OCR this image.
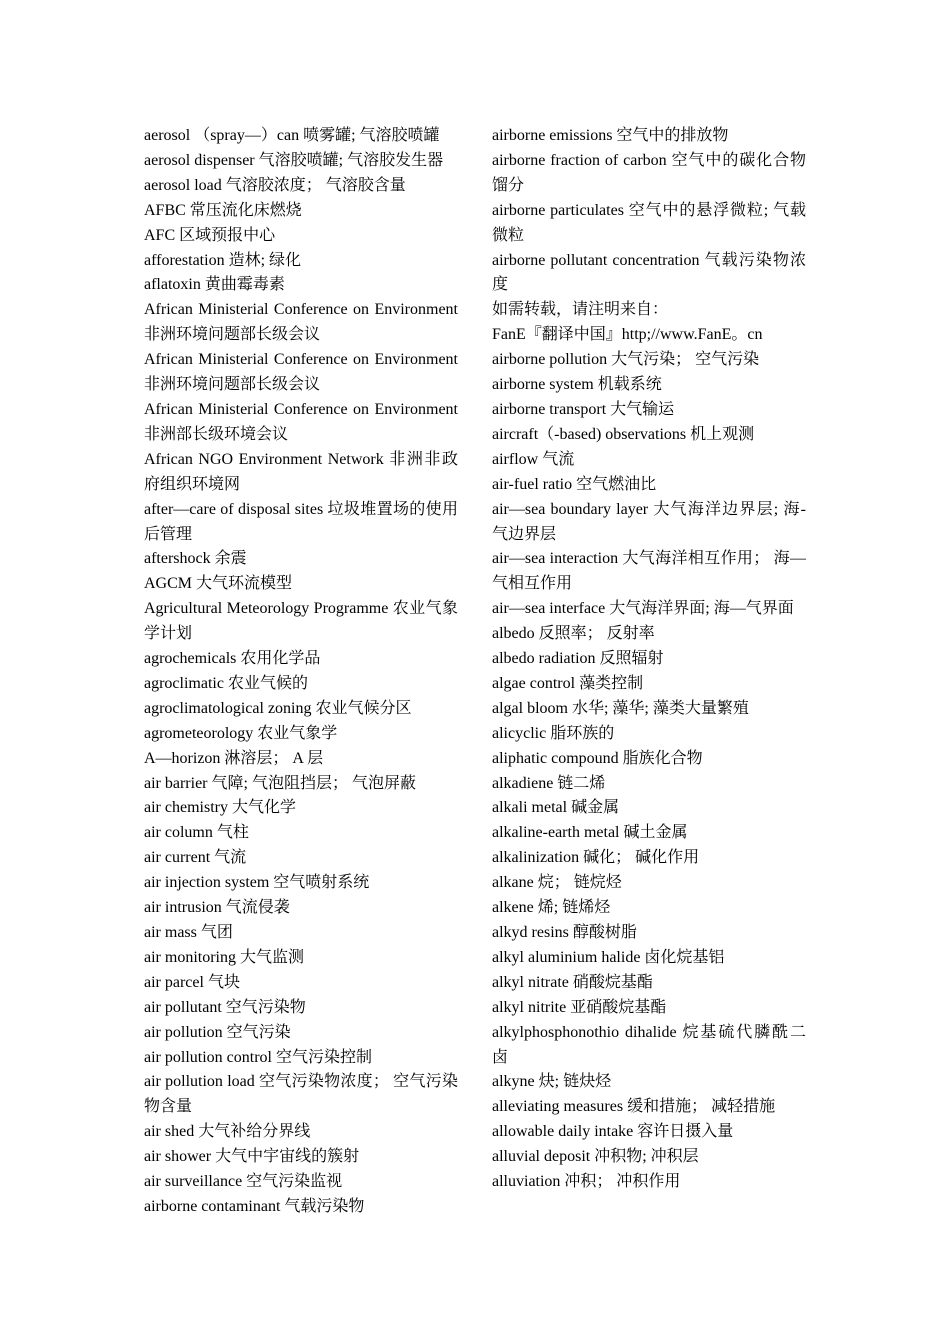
aerosol （spray—）can 喷雾罐; 气溶胶喷罐
aerosol dispenser 气溶胶喷罐; 气溶胶发生器
aerosol load 气溶胶浓度； 气溶胶含量
AFBC 常压流化床燃烧
AFC 区域预报中心
afforestation 造林; 绿化
aflatoxin 黄曲霉毒素
African Ministerial Conference on Environment 非洲环境问题部长级会议
African Ministerial Conference on Environment 非洲环境问题部长级会议
African Ministerial Conference on Environment 非洲部长级环境会议
African NGO Environment Network 非洲非政府组织环境网
after—care of disposal sites 垃圾堆置场的使用后管理
aftershock 余震
AGCM 大气环流模型
Agricultural Meteorology Programme 农业气象学计划
agrochemicals 农用化学品
agroclimatic 农业气候的
agroclimatological zoning 农业气候分区
agrometeorology 农业气象学
A—horizon 淋溶层； A 层
air barrier 气障; 气泡阻挡层； 气泡屏蔽
air chemistry 大气化学
air column 气柱
air current 气流
air injection system 空气喷射系统
air intrusion 气流侵袭
air mass 气团
air monitoring 大气监测
air parcel 气块
air pollutant 空气污染物
air pollution 空气污染
air pollution control 空气污染控制
air pollution load 空气污染物浓度； 空气污染物含量
air shed 大气补给分界线
air shower 大气中宇宙线的簇射
air surveillance 空气污染监视
airborne contaminant 气载污染物
airborne emissions 空气中的排放物
airborne fraction of carbon 空气中的碳化合物馏分
airborne particulates 空气中的悬浮微粒; 气载微粒
airborne pollutant concentration 气载污染物浓度
如需转载，请注明来自：
FanE『翻译中国』http;//www.FanE。cn
airborne pollution 大气污染； 空气污染
airborne system 机载系统
airborne transport 大气输运
aircraft（-based) observations 机上观测
airflow 气流
air-fuel ratio 空气燃油比
air—sea boundary layer 大气海洋边界层; 海-气边界层
air—sea interaction 大气海洋相互作用； 海—气相互作用
air—sea interface 大气海洋界面; 海—气界面
albedo 反照率； 反射率
albedo radiation 反照辐射
algae control 藻类控制
algal bloom 水华; 藻华; 藻类大量繁殖
alicyclic 脂环族的
aliphatic compound 脂族化合物
alkadiene 链二烯
alkali metal 碱金属
alkaline-earth metal 碱土金属
alkalinization 碱化； 碱化作用
alkane 烷； 链烷烃
alkene 烯; 链烯烃
alkyd resins 醇酸树脂
alkyl aluminium halide 卤化烷基铝
alkyl nitrate 硝酸烷基酯
alkyl nitrite 亚硝酸烷基酯
alkylphosphonothio dihalide 烷基硫代膦酰二卤
alkyne 炔; 链炔烃
alleviating measures 缓和措施； 减轻措施
allowable daily intake 容许日摄入量
alluvial deposit 冲积物; 冲积层
alluviation 冲积； 冲积作用
